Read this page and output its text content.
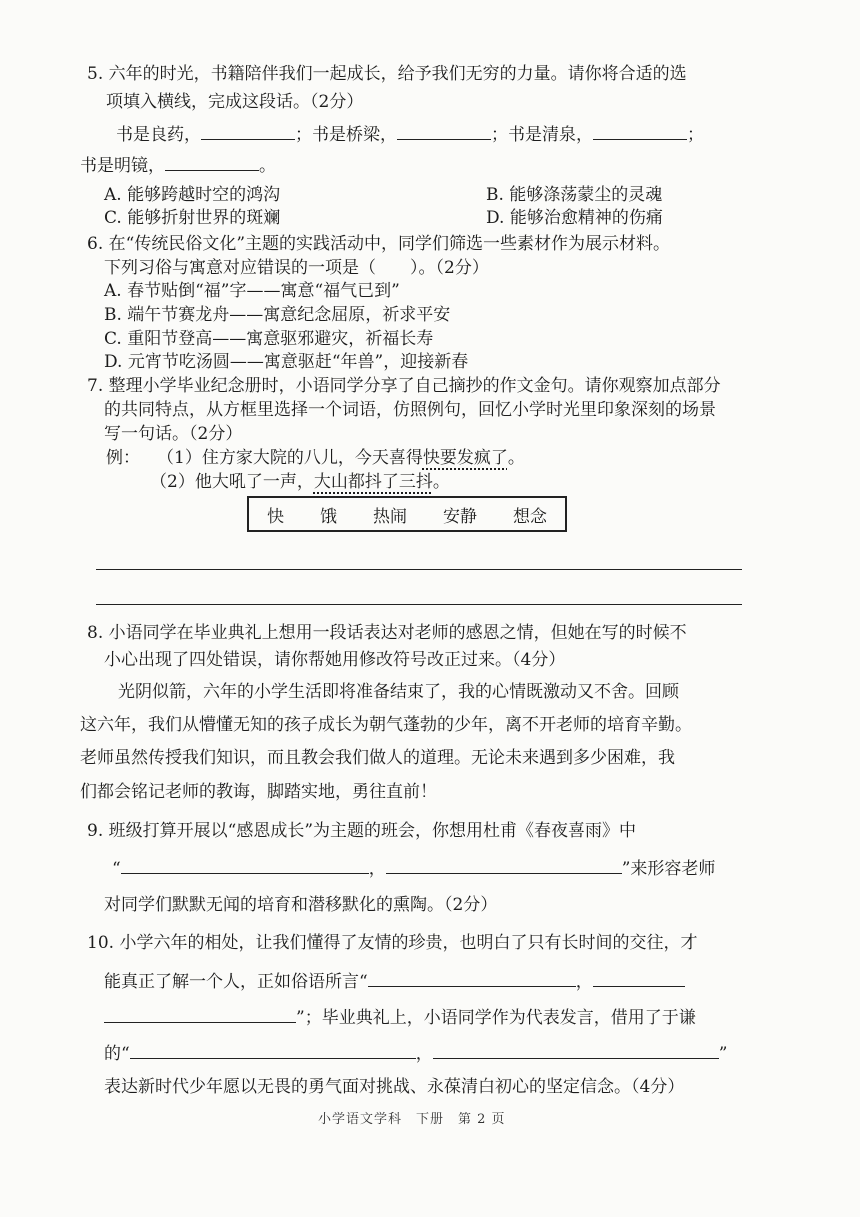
5. 六年的时光，书籍陪伴我们一起成长，给予我们无穷的力量。请你将合适的选
项填入横线，完成这段话。（2分）
书是良药，	；书是桥梁，	；书是清泉，	；
书是明镜，	。
A. 能够跨越时空的鸿沟	B. 能够涤荡蒙尘的灵魂
C. 能够折射世界的斑斓	D. 能够治愈精神的伤痛
6. 在“传统民俗文化”主题的实践活动中，同学们筛选一些素材作为展示材料。
下列习俗与寓意对应错误的一项是（　　）。（2分）
A. 春节贴倒“福”字——寓意“福气已到”
B. 端午节赛龙舟——寓意纪念屈原，祈求平安
C. 重阳节登高——寓意驱邪避灾，祈福长寿
D. 元宵节吃汤圆——寓意驱赶“年兽”，迎接新春
7. 整理小学毕业纪念册时，小语同学分享了自己摘抄的作文金句。请你观察加点部分
的共同特点，从方框里选择一个词语，仿照例句，回忆小学时光里印象深刻的场景
写一句话。（2分）
例：  （1）住方家大院的八儿，今天喜得快要发疯了。
（2）他大吼了一声，大山都抖了三抖。
快 饿 热闹 安静 想念
8. 小语同学在毕业典礼上想用一段话表达对老师的感恩之情，但她在写的时候不
小心出现了四处错误，请你帮她用修改符号改正过来。（4分）
光阴似箭，六年的小学生活即将准备结束了，我的心情既激动又不舍。回顾
这六年，我们从懵懂无知的孩子成长为朝气蓬勃的少年，离不开老师的培育辛勤。
老师虽然传授我们知识，而且教会我们做人的道理。无论未来遇到多少困难，我
们都会铭记老师的教诲，脚踏实地，勇往直前！
9. 班级打算开展以“感恩成长”为主题的班会，你想用杜甫《春夜喜雨》中
“	，	”来形容老师
对同学们默默无闻的培育和潜移默化的熏陶。（2分）
10. 小学六年的相处，让我们懂得了友情的珍贵，也明白了只有长时间的交往，才
能真正了解一个人，正如俗语所言“	，
”；毕业典礼上，小语同学作为代表发言，借用了于谦
的“	，	”
表达新时代少年愿以无畏的勇气面对挑战、永葆清白初心的坚定信念。（4分）
小学语文学科　下册　第 2 页
